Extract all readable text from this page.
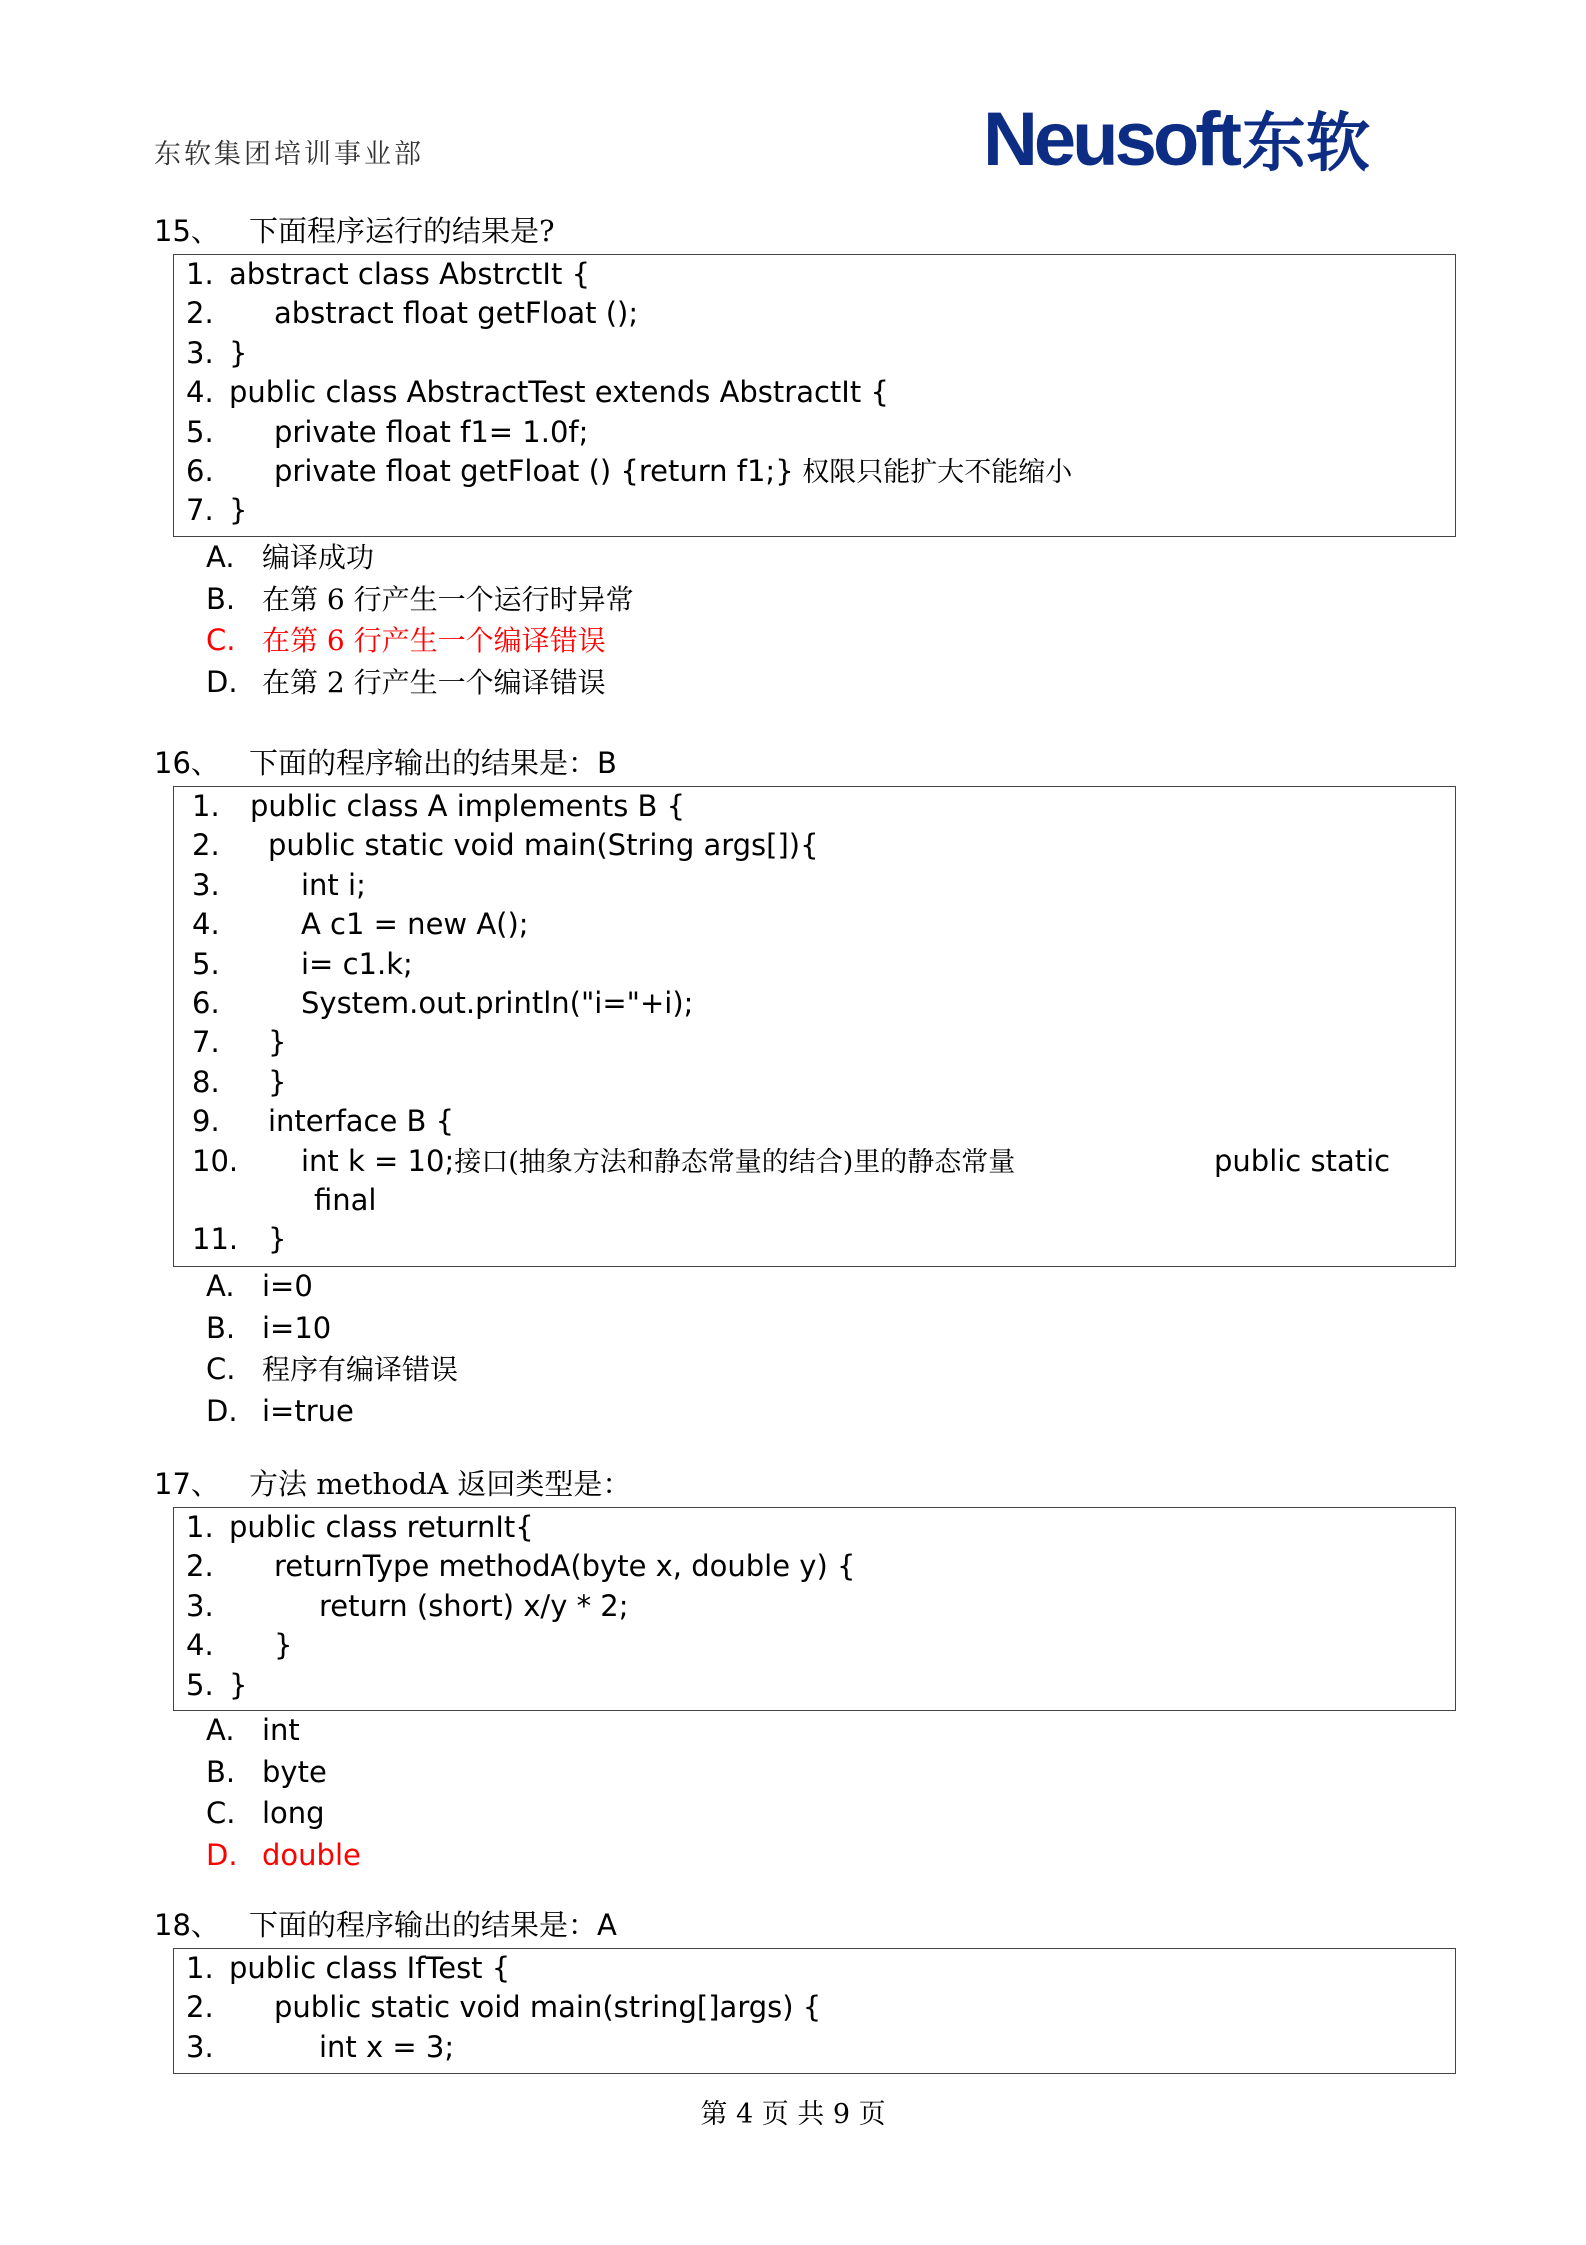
东软集团培训事业部	Neusoft东软
15、 下面程序运行的结果是?
1. abstract class AbstrctIt {
2. abstract float getFloat ();
3. }
4. public class AbstractTest extends AbstractIt {
5. private float f1= 1.0f;
6. private float getFloat () {return f1;} 权限只能扩大不能缩小
7. }
A. 编译成功
B. 在第 6 行产生一个运行时异常
C. 在第 6 行产生一个编译错误
D. 在第 2 行产生一个编译错误
16、 下面的程序输出的结果是：B
1. public class A implements B {
2. public static void main(String args[]){
3.	int i;
4.	A c1 = new A();
5.	i= c1.k;
6.	System.out.println("i="+i);
7. }
8. }
9. interface B {
10. int k = 10;接口(抽象方法和静态常量的结合)里的静态常量	public static
final
11. }
A. i=0
B. i=10
C. 程序有编译错误
D. i=true
17、 方法 methodA 返回类型是：
1. public class returnIt{
2. returnType methodA(byte x, double y) {
3.	return (short) x/y * 2;
4. }
5. }
A. int
B. byte
C. long
D. double
18、 下面的程序输出的结果是：A
1. public class IfTest {
2. public static void main(string[]args) {
3.	int x = 3;
第 4 页 共 9 页
